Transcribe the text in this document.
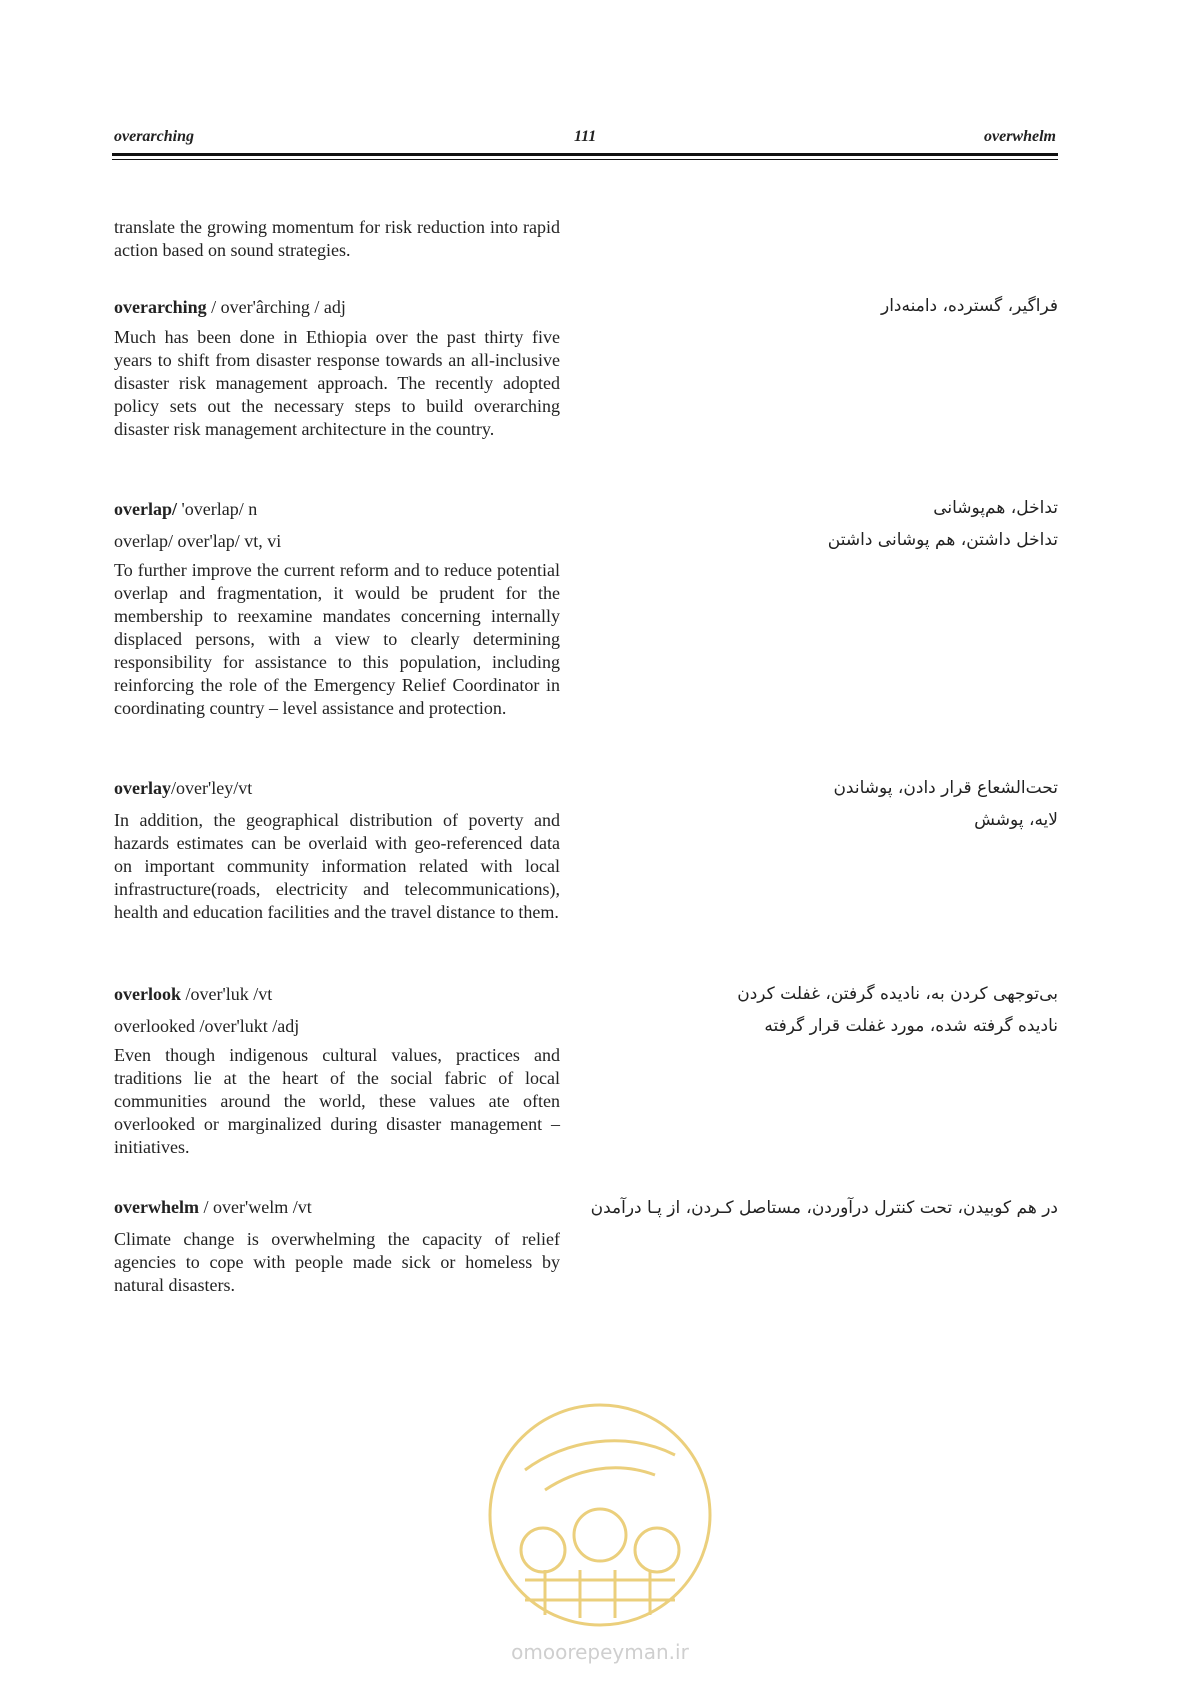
overarching	111	overwhelm

translate the growing momentum for risk reduction into rapid action based on sound strategies.

overarching / over'ârching / adj

Much has been done in Ethiopia over the past thirty five years to shift from disaster response towards an all-inclusive disaster risk management approach. The recently adopted policy sets out the necessary steps to build overarching disaster risk management architecture in the country.

فراگیر، گسترده، دامنه‌دار
overlap/ 'overlap/ n
overlap/ over'lap/ vt, vi

To further improve the current reform and to reduce potential overlap and fragmentation, it would be prudent for the membership to reexamine mandates concerning internally displaced persons, with a view to clearly determining responsibility for assistance to this population, including reinforcing the role of the Emergency Relief Coordinator in coordinating country – level assistance and protection.

تداخل، هم‌پوشانی
تداخل داشتن، هم پوشانی داشتن
overlay/over'ley/vt

In addition, the geographical distribution of poverty and hazards estimates can be overlaid with geo-referenced data on important community information related with local infrastructure(roads, electricity and telecommunications), health and education facilities and the travel distance to them.

تحت‌الشعاع قرار دادن، پوشاندن
لایه، پوشش
overlook /over'luk /vt
overlooked /over'lukt /adj

Even though indigenous cultural values, practices and traditions lie at the heart of the social fabric of local communities around the world, these values ate often overlooked or marginalized during disaster management –initiatives.

بی‌توجهی کردن به، نادیده گرفتن، غفلت کردن
نادیده گرفته شده، مورد غفلت قرار گرفته
overwhelm / over'welm /vt

Climate change is overwhelming the capacity of relief agencies to cope with people made sick or homeless by natural disasters.

در هم کوبیدن، تحت کنترل درآوردن، مستاصل کـردن، از پـا درآمدن
omoorepeyman.ir
